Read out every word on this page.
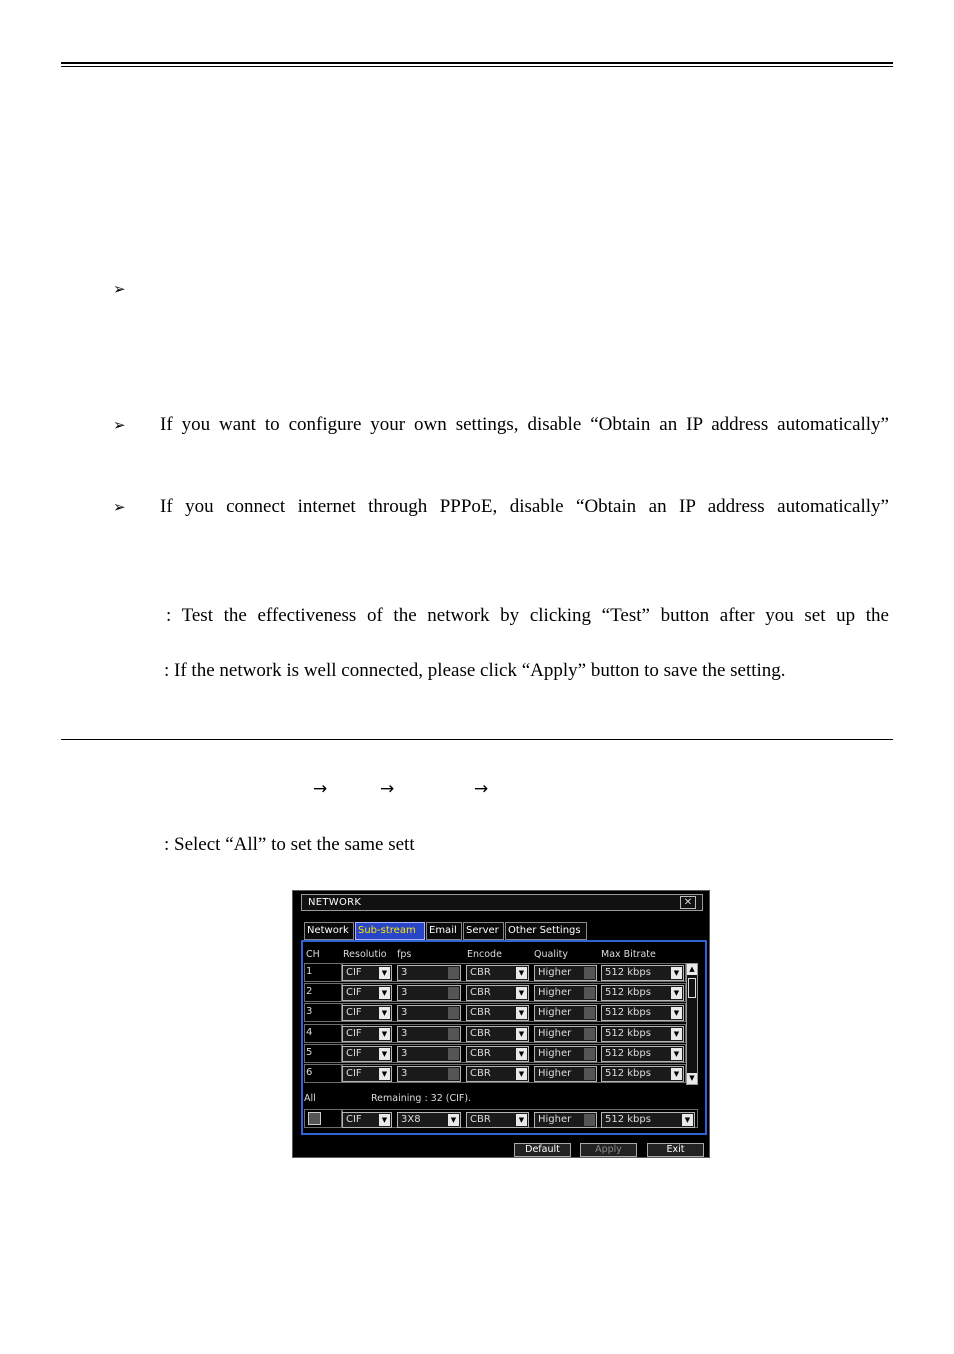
➢
➢ If you want to configure your own settings, disable “Obtain an IP address automatically”
➢ If you connect internet through PPPoE, disable “Obtain an IP address automatically”
: Test the effectiveness of the network by clicking “Test” button after you set up the
: If the network is well connected, please click “Apply” button to save the setting.
→	→	→
: Select “All” to set the same sett
NETWORK	✕
Network Sub-stream	Email Server Other Settings
CH Resolutio fps	Encode	Quality	Max Bitrate
1	CIF	▼	3	▼	CBR	▼	Higher	▼	512 kbps	▼
2	CIF	▼	3	▼	CBR	▼	Higher	▼	512 kbps	▼
3	CIF	▼	3	▼	CBR	▼	Higher	▼	512 kbps	▼
4	CIF	▼	3	▼	CBR	▼	Higher	▼	512 kbps	▼
5	CIF	▼	3	▼	CBR	▼	Higher	▼	512 kbps	▼
6	CIF	▼	3	▼	CBR	▼	Higher	▼	512 kbps	▼
▲
▼
All	Remaining : 32 (CIF).
CIF	▼	3X8	▼	CBR	▼	Higher	▼	512 kbps	▼
Default	Apply	Exit
